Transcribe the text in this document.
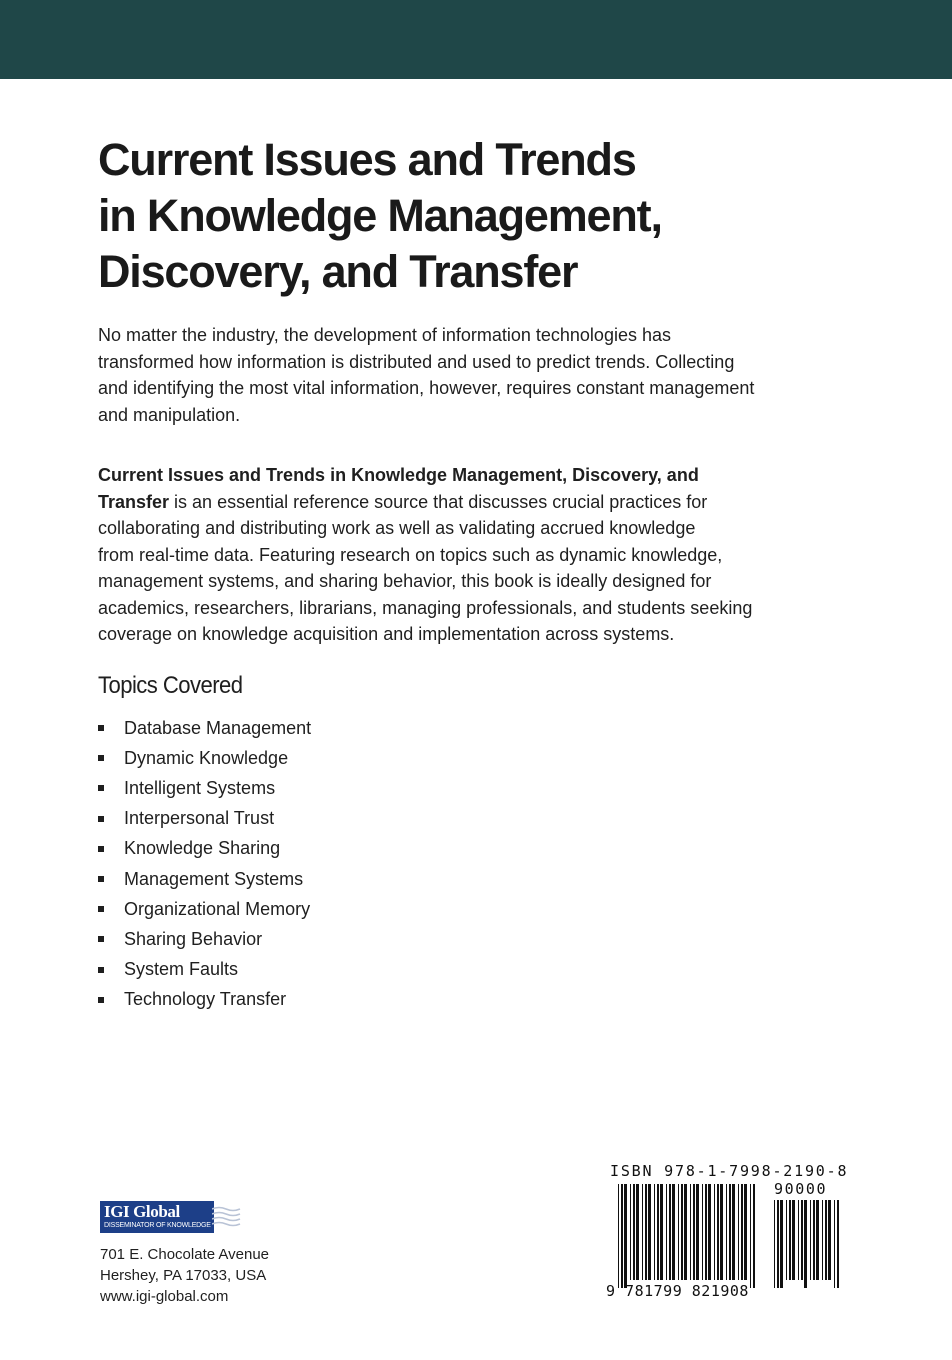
Current Issues and Trends
in Knowledge Management,
Discovery, and Transfer

No matter the industry, the development of information technologies has
transformed how information is distributed and used to predict trends. Collecting
and identifying the most vital information, however, requires constant management
and manipulation.

Current Issues and Trends in Knowledge Management, Discovery, and
Transfer is an essential reference source that discusses crucial practices for
collaborating and distributing work as well as validating accrued knowledge
from real-time data. Featuring research on topics such as dynamic knowledge,
management systems, and sharing behavior, this book is ideally designed for
academics, researchers, librarians, managing professionals, and students seeking
coverage on knowledge acquisition and implementation across systems.

Topics Covered
Database Management
Dynamic Knowledge
Intelligent Systems
Interpersonal Trust
Knowledge Sharing
Management Systems
Organizational Memory
Sharing Behavior
System Faults
Technology Transfer
IGI Global
DISSEMINATOR OF KNOWLEDGE
701 E. Chocolate Avenue
Hershey, PA 17033, USA
www.igi-global.com
ISBN 978-1-7998-2190-8
90000
9 781799 821908
